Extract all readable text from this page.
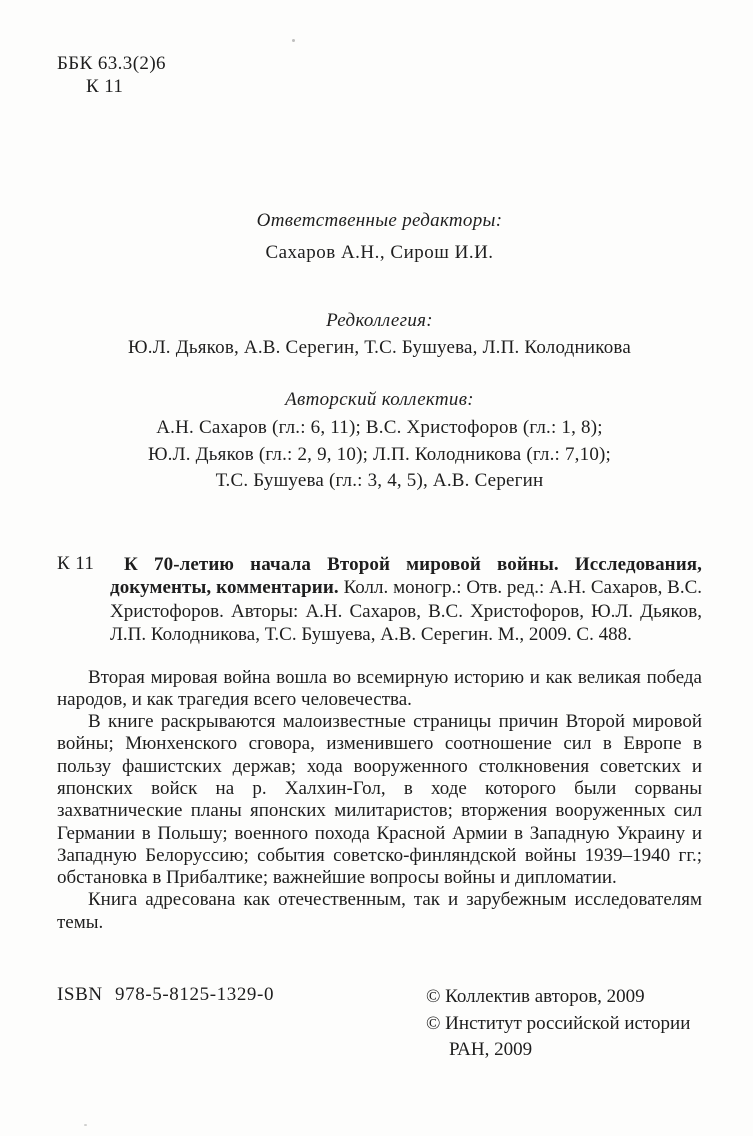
ББК 63.3(2)6
К 11
Ответственные редакторы:
Сахаров А.Н., Сирош И.И.
Редколлегия:
Ю.Л. Дьяков, А.В. Серегин, Т.С. Бушуева, Л.П. Колодникова
Авторский коллектив:
А.Н. Сахаров (гл.: 6, 11); В.С. Христофоров (гл.: 1, 8);
Ю.Л. Дьяков (гл.: 2, 9, 10); Л.П. Колодникова (гл.: 7,10);
Т.С. Бушуева (гл.: 3, 4, 5), А.В. Серегин
К 11	К 70-летию начала Второй мировой войны. Исследования, документы, комментарии. Колл. моногр.: Отв. ред.: А.Н. Сахаров, В.С. Христофоров. Авторы: А.Н. Сахаров, В.С. Христофоров, Ю.Л. Дьяков, Л.П. Колодникова, Т.С. Бушуева, А.В. Серегин. М., 2009. С. 488.

Вторая мировая война вошла во всемирную историю и как великая победа народов, и как трагедия всего человечества.

В книге раскрываются малоизвестные страницы причин Второй мировой войны; Мюнхенского сговора, изменившего соотношение сил в Европе в пользу фашистских держав; хода вооруженного столкновения советских и японских войск на р. Халхин-Гол, в ходе которого были сорваны захватнические планы японских милитаристов; вторжения вооруженных сил Германии в Польшу; военного похода Красной Армии в Западную Украину и Западную Белоруссию; события советско-финляндской войны 1939–1940 гг.; обстановка в Прибалтике; важнейшие вопросы войны и дипломатии.

Книга адресована как отечественным, так и зарубежным исследователям темы.

ISBN 978-5-8125-1329-0	© Коллектив авторов, 2009
© Институт российской истории РАН, 2009
